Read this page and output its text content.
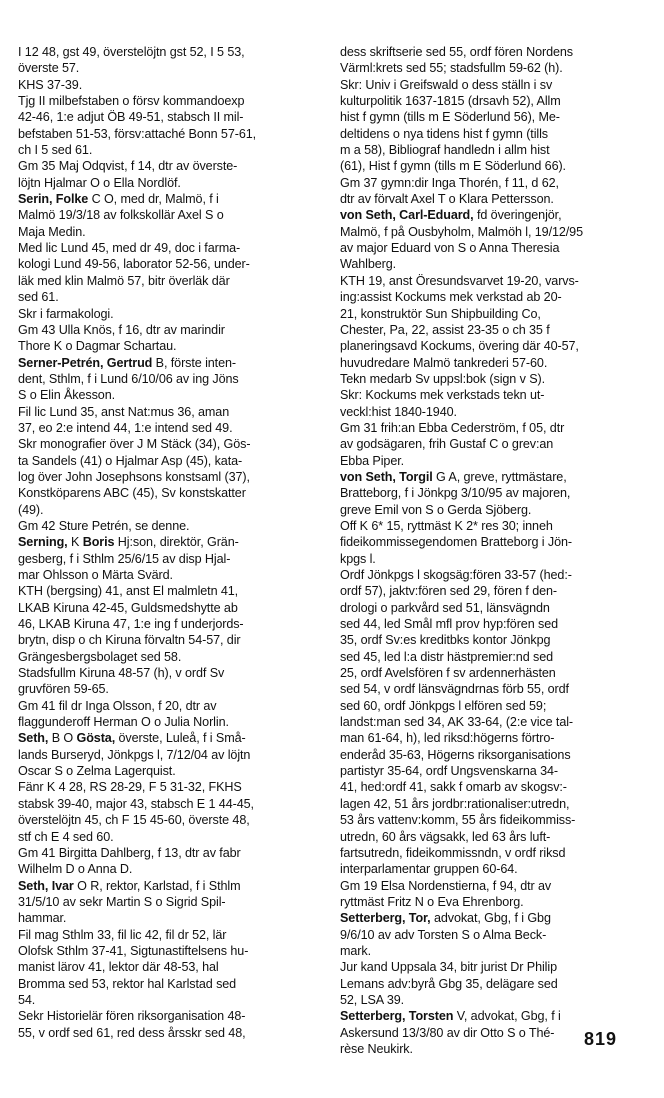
I 12 48, gst 49, överstelöjtn gst 52, I 5 53,
överste 57.
KHS 37-39.
Tjg II milbefstaben o försv kommandoexp
42-46, 1:e adjut ÖB 49-51, stabsch II mil-
befstaben 51-53, försv:attaché Bonn 57-61,
ch I 5 sed 61.
Gm 35 Maj Odqvist, f 14, dtr av överste-
löjtn Hjalmar O o Ella Nordlöf.
Serin, Folke C O, med dr, Malmö, f i
Malmö 19/3/18 av folkskollär Axel S o
Maja Medin.
Med lic Lund 45, med dr 49, doc i farma-
kologi Lund 49-56, laborator 52-56, under-
läk med klin Malmö 57, bitr överläk där
sed 61.
Skr i farmakologi.
Gm 43 Ulla Knös, f 16, dtr av marindir
Thore K o Dagmar Schartau.
Serner-Petrén, Gertrud B, förste inten-
dent, Sthlm, f i Lund 6/10/06 av ing Jöns
S o Elin Åkesson.
Fil lic Lund 35, anst Nat:mus 36, aman
37, eo 2:e intend 44, 1:e intend sed 49.
Skr monografier över J M Stäck (34), Gös-
ta Sandels (41) o Hjalmar Asp (45), kata-
log över John Josephsons konstsaml (37),
Konstköparens ABC (45), Sv konstskatter
(49).
Gm 42 Sture Petrén, se denne.
Serning, K Boris Hj:son, direktör, Grän-
gesberg, f i Sthlm 25/6/15 av disp Hjal-
mar Ohlsson o Märta Svärd.
KTH (bergsing) 41, anst El malmletn 41,
LKAB Kiruna 42-45, Guldsmedshytte ab
46, LKAB Kiruna 47, 1:e ing f underjords-
brytn, disp o ch Kiruna förvaltn 54-57, dir
Grängesbergsbolaget sed 58.
Stadsfullm Kiruna 48-57 (h), v ordf Sv
gruvfören 59-65.
Gm 41 fil dr Inga Olsson, f 20, dtr av
flaggunderoff Herman O o Julia Norlin.
Seth, B O Gösta, överste, Luleå, f i Små-
lands Burseryd, Jönkpgs l, 7/12/04 av löjtn
Oscar S o Zelma Lagerquist.
Fänr K 4 28, RS 28-29, F 5 31-32, FKHS
stabsk 39-40, major 43, stabsch E 1 44-45,
överstelöjtn 45, ch F 15 45-60, överste 48,
stf ch E 4 sed 60.
Gm 41 Birgitta Dahlberg, f 13, dtr av fabr
Wilhelm D o Anna D.
Seth, Ivar O R, rektor, Karlstad, f i Sthlm
31/5/10 av sekr Martin S o Sigrid Spil-
hammar.
Fil mag Sthlm 33, fil lic 42, fil dr 52, lär
Olofsk Sthlm 37-41, Sigtunastiftelsens hu-
manist lärov 41, lektor där 48-53, hal
Bromma sed 53, rektor hal Karlstad sed
54.
Sekr Historielär fören riksorganisation 48-
55, v ordf sed 61, red dess årsskr sed 48,
dess skriftserie sed 55, ordf fören Nordens
Värml:krets sed 55; stadsfullm 59-62 (h).
Skr: Univ i Greifswald o dess ställn i sv
kulturpolitik 1637-1815 (drsavh 52), Allm
hist f gymn (tills m E Söderlund 56), Me-
deltidens o nya tidens hist f gymn (tills
m a 58), Bibliograf handledn i allm hist
(61), Hist f gymn (tills m E Söderlund 66).
Gm 37 gymn:dir Inga Thorén, f 11, d 62,
dtr av förvalt Axel T o Klara Pettersson.
von Seth, Carl-Eduard, fd överingenjör,
Malmö, f på Ousbyholm, Malmöh l, 19/12/95
av major Eduard von S o Anna Theresia
Wahlberg.
KTH 19, anst Öresundsvarvet 19-20, varvs-
ing:assist Kockums mek verkstad ab 20-
21, konstruktör Sun Shipbuilding Co,
Chester, Pa, 22, assist 23-35 o ch 35 f
planeringsavd Kockums, övering där 40-57,
huvudredare Malmö tankrederi 57-60.
Tekn medarb Sv uppsl:bok (sign v S).
Skr: Kockums mek verkstads tekn ut-
veckl:hist 1840-1940.
Gm 31 frih:an Ebba Cederström, f 05, dtr
av godsägaren, frih Gustaf C o grev:an
Ebba Piper.
von Seth, Torgil G A, greve, ryttmästare,
Bratteborg, f i Jönkpg 3/10/95 av majoren,
greve Emil von S o Gerda Sjöberg.
Off K 6* 15, ryttmäst K 2* res 30; inneh
fideikommissegendomen Bratteborg i Jön-
kpgs l.
Ordf Jönkpgs l skogsäg:fören 33-57 (hed:-
ordf 57), jaktv:fören sed 29, fören f den-
drologi o parkvård sed 51, länsvägndn
sed 44, led Smål mfl prov hyp:fören sed
35, ordf Sv:es kreditbks kontor Jönkpg
sed 45, led l:a distr hästpremier:nd sed
25, ordf Avelsfören f sv ardennerhästen
sed 54, v ordf länsvägndrnas förb 55, ordf
sed 60, ordf Jönkpgs l elfören sed 59;
landst:man sed 34, AK 33-64, (2:e vice tal-
man 61-64, h), led riksd:högerns förtro-
enderåd 35-63, Högerns riksorganisations
partistyr 35-64, ordf Ungsvenskarna 34-
41, hed:ordf 41, sakk f omarb av skogsv:-
lagen 42, 51 års jordbr:rationaliser:utredn,
53 års vattenv:komm, 55 års fideikommiss-
utredn, 60 års vägsakk, led 63 års luft-
fartsutredn, fideikommissndn, v ordf riksd
interparlamentar gruppen 60-64.
Gm 19 Elsa Nordenstierna, f 94, dtr av
ryttmäst Fritz N o Eva Ehrenborg.
Setterberg, Tor, advokat, Gbg, f i Gbg
9/6/10 av adv Torsten S o Alma Beck-
mark.
Jur kand Uppsala 34, bitr jurist Dr Philip
Lemans adv:byrå Gbg 35, delägare sed
52, LSA 39.
Setterberg, Torsten V, advokat, Gbg, f i
Askersund 13/3/80 av dir Otto S o Thé-
rèse Neukirk.	819
